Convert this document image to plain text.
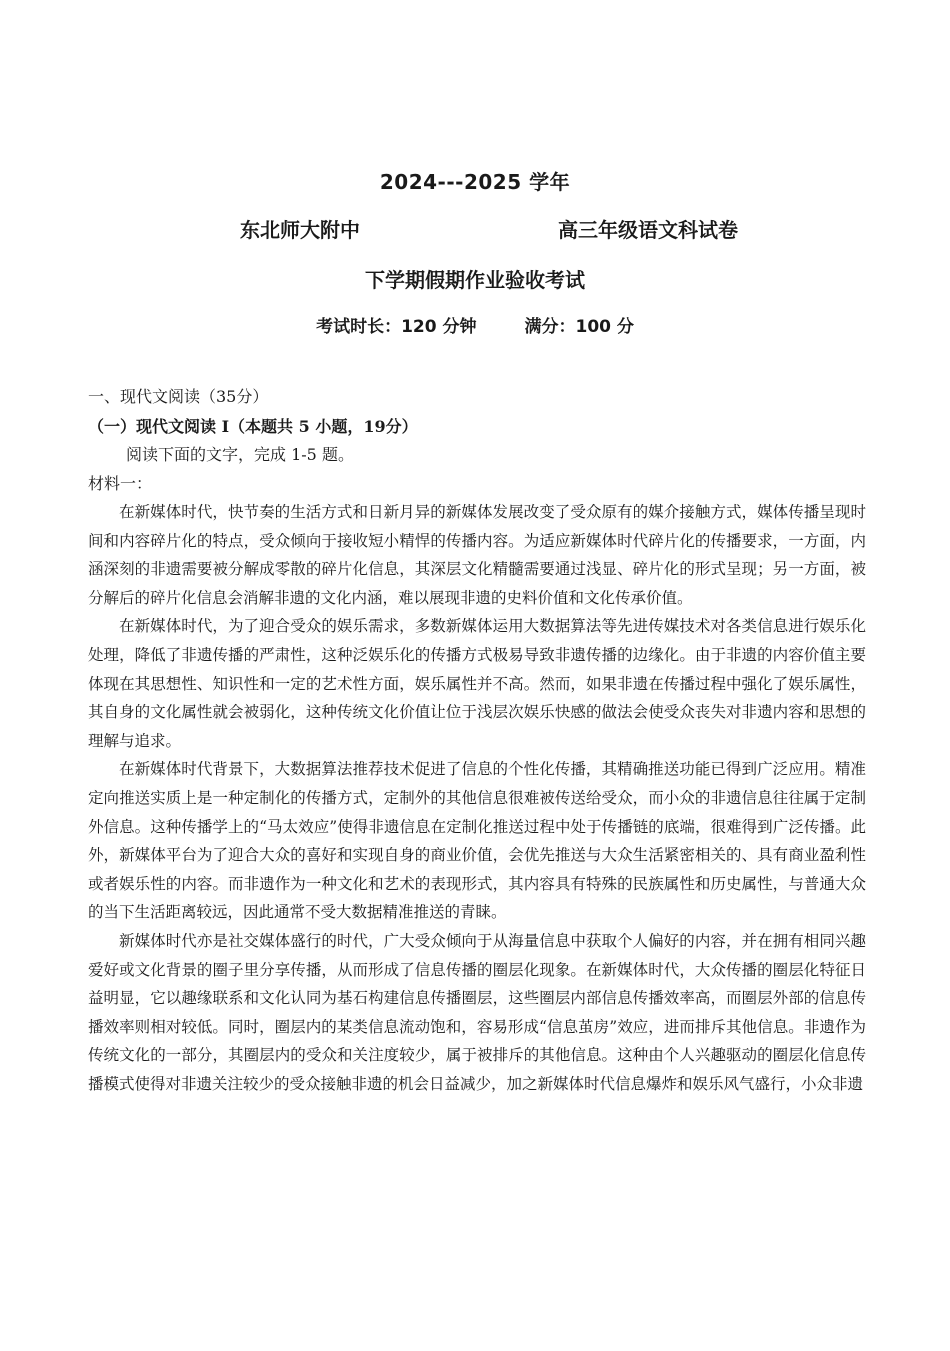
2024---2025 学年
东北师大附中	高三年级语文科试卷
下学期假期作业验收考试
考试时长：120 分钟	满分：100 分
一、现代文阅读（35分）
（一）现代文阅读 I（本题共 5 小题，19分）
阅读下面的文字，完成 1-5 题。
材料一：

在新媒体时代，快节奏的生活方式和日新月异的新媒体发展改变了受众原有的媒介接触方式，媒体传播呈现时间和内容碎片化的特点，受众倾向于接收短小精悍的传播内容。为适应新媒体时代碎片化的传播要求，一方面，内涵深刻的非遗需要被分解成零散的碎片化信息，其深层文化精髓需要通过浅显、碎片化的形式呈现；另一方面，被分解后的碎片化信息会消解非遗的文化内涵，难以展现非遗的史料价值和文化传承价值。

在新媒体时代，为了迎合受众的娱乐需求，多数新媒体运用大数据算法等先进传媒技术对各类信息进行娱乐化处理，降低了非遗传播的严肃性，这种泛娱乐化的传播方式极易导致非遗传播的边缘化。由于非遗的内容价值主要体现在其思想性、知识性和一定的艺术性方面，娱乐属性并不高。然而，如果非遗在传播过程中强化了娱乐属性，其自身的文化属性就会被弱化，这种传统文化价值让位于浅层次娱乐快感的做法会使受众丧失对非遗内容和思想的理解与追求。

在新媒体时代背景下，大数据算法推荐技术促进了信息的个性化传播，其精确推送功能已得到广泛应用。精准定向推送实质上是一种定制化的传播方式，定制外的其他信息很难被传送给受众，而小众的非遗信息往往属于定制外信息。这种传播学上的“马太效应”使得非遗信息在定制化推送过程中处于传播链的底端，很难得到广泛传播。此外，新媒体平台为了迎合大众的喜好和实现自身的商业价值，会优先推送与大众生活紧密相关的、具有商业盈利性或者娱乐性的内容。而非遗作为一种文化和艺术的表现形式，其内容具有特殊的民族属性和历史属性，与普通大众的当下生活距离较远，因此通常不受大数据精准推送的青睐。

新媒体时代亦是社交媒体盛行的时代，广大受众倾向于从海量信息中获取个人偏好的内容，并在拥有相同兴趣爱好或文化背景的圈子里分享传播，从而形成了信息传播的圈层化现象。在新媒体时代，大众传播的圈层化特征日益明显，它以趣缘联系和文化认同为基石构建信息传播圈层，这些圈层内部信息传播效率高，而圈层外部的信息传播效率则相对较低。同时，圈层内的某类信息流动饱和，容易形成“信息茧房”效应，进而排斥其他信息。非遗作为传统文化的一部分，其圈层内的受众和关注度较少，属于被排斥的其他信息。这种由个人兴趣驱动的圈层化信息传播模式使得对非遗关注较少的受众接触非遗的机会日益减少，加之新媒体时代信息爆炸和娱乐风气盛行，小众非遗
